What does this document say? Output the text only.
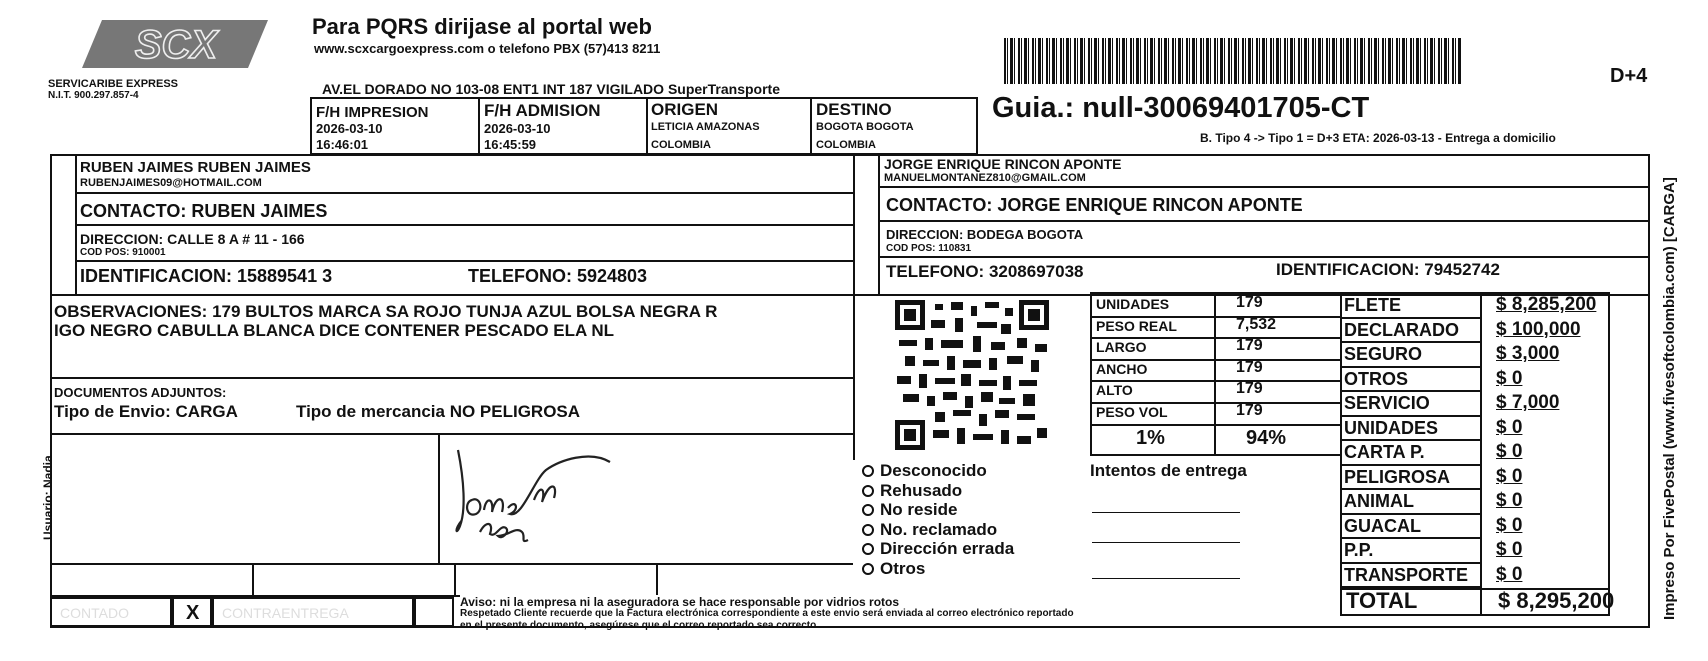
SCX
SERVICARIBE EXPRESS
N.I.T. 900.297.857-4
Para PQRS dirijase al portal web
www.scxcargoexpress.com o telefono PBX (57)413 8211
AV.EL DORADO NO 103-08 ENT1 INT 187 VIGILADO SuperTransporte
F/H IMPRESION
2026-03-10
16:46:01
F/H ADMISION
2026-03-10
16:45:59
ORIGEN
LETICIA AMAZONAS
COLOMBIA
DESTINO
BOGOTA BOGOTA
COLOMBIA
D+4
Guia.: null-30069401705-CT
B. Tipo 4 -> Tipo 1 = D+3 ETA: 2026-03-13 - Entrega a domicilio
RUBEN JAIMES RUBEN JAIMES
RUBENJAIMES09@HOTMAIL.COM
CONTACTO: RUBEN JAIMES
DIRECCION: CALLE 8 A # 11 - 166
COD POS: 910001
IDENTIFICACION: 15889541 3	TELEFONO: 5924803
JORGE ENRIQUE RINCON APONTE
MANUELMONTANEZ810@GMAIL.COM
CONTACTO: JORGE ENRIQUE RINCON APONTE
DIRECCION: BODEGA BOGOTA
COD POS: 110831
TELEFONO: 3208697038	IDENTIFICACION: 79452742
OBSERVACIONES: 179 BULTOS MARCA SA ROJO TUNJA AZUL BOLSA NEGRA R
IGO NEGRO CABULLA BLANCA DICE CONTENER PESCADO ELA NL
DOCUMENTOS ADJUNTOS:
Tipo de Envio: CARGA	Tipo de mercancia NO PELIGROSA
CONTADO	X CONTRAENTREGA
Aviso: ni la empresa ni la aseguradora se hace responsable por vidrios rotos
Respetado Cliente recuerde que la Factura electrónica correspondiente a este envio será enviada al correo electrónico reportado
en el presente documento, asegúrese que el correo reportado sea correcto
UNIDADES	179
PESO REAL	7,532
LARGO	179
ANCHO	179
ALTO	179
PESO VOL	179
1%	94%
FLETE	$ 8,285,200
DECLARADO $ 100,000
SEGURO	$ 3,000
OTROS	$ 0
SERVICIO	$ 7,000
UNIDADES	$ 0
CARTA P.	$ 0
PELIGROSA $ 0
ANIMAL	$ 0
GUACAL	$ 0
P.P.	$ 0
TRANSPORTE $ 0
TOTAL	$ 8,295,200
Desconocido
Rehusado
No reside
No. reclamado
Dirección errada
Otros
Intentos de entrega
Usuario: Nadia	Impreso Por FivePostal (www.fivesoftcolombia.com) [CARGA]
